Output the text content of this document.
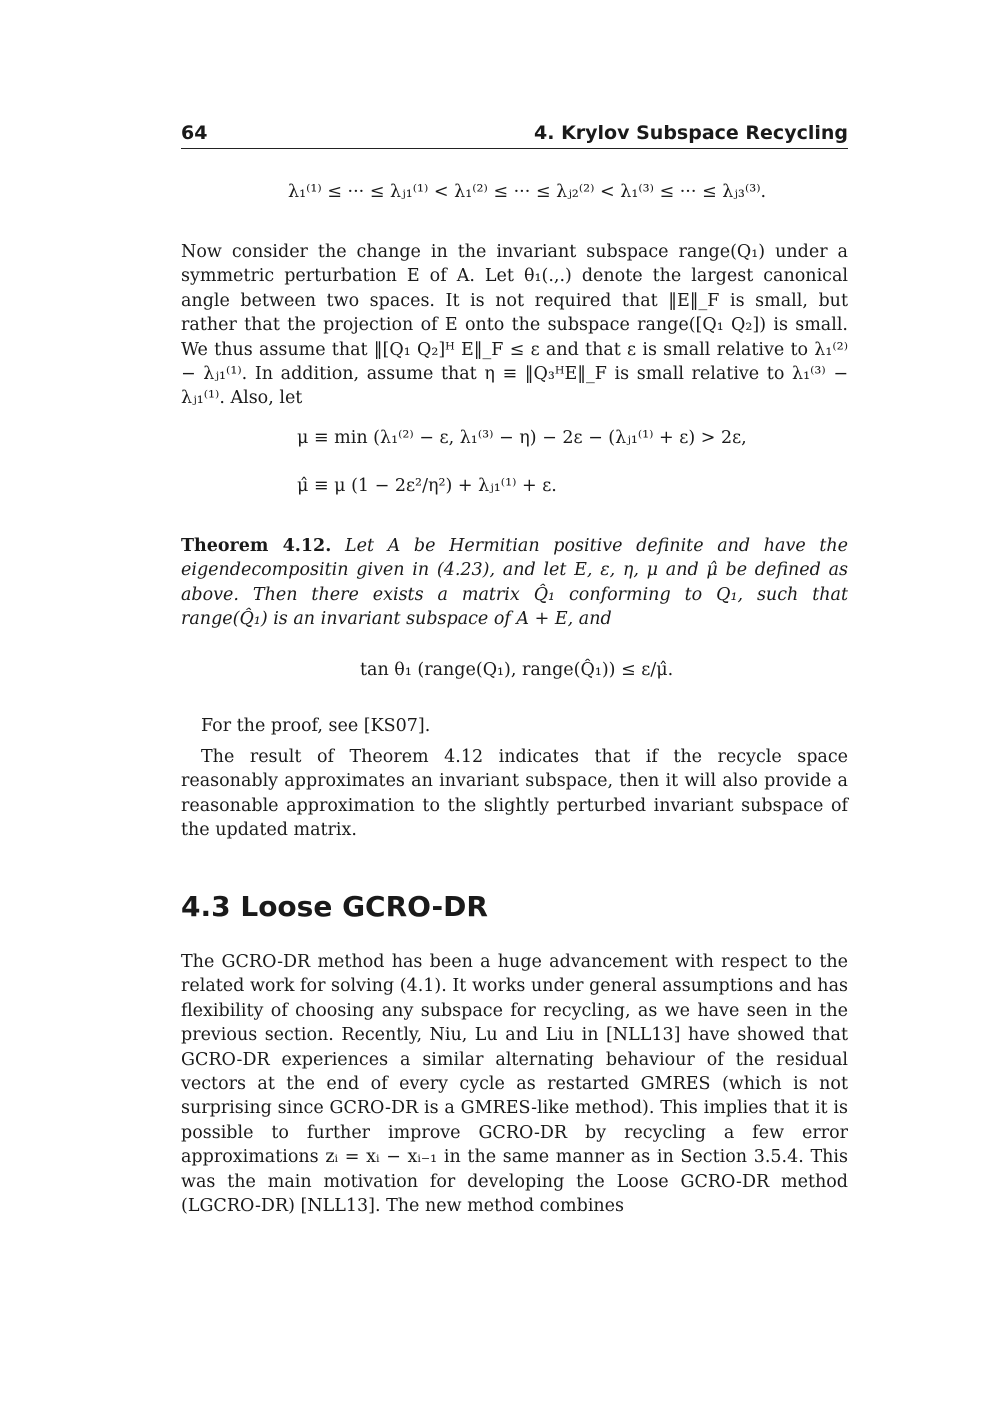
64	4. Krylov Subspace Recycling
λ₁⁽¹⁾ ≤ ··· ≤ λⱼ₁⁽¹⁾ < λ₁⁽²⁾ ≤ ··· ≤ λⱼ₂⁽²⁾ < λ₁⁽³⁾ ≤ ··· ≤ λⱼ₃⁽³⁾.
Now consider the change in the invariant subspace range(Q₁) under a symmetric perturbation E of A. Let θ₁(.,.) denote the largest canonical angle between two spaces. It is not required that ‖E‖_F is small, but rather that the projection of E onto the subspace range([Q₁ Q₂]) is small. We thus assume that ‖[Q₁ Q₂]ᴴ E‖_F ≤ ε and that ε is small relative to λ₁⁽²⁾ − λⱼ₁⁽¹⁾. In addition, assume that η ≡ ‖Q₃ᴴE‖_F is small relative to λ₁⁽³⁾ − λⱼ₁⁽¹⁾. Also, let
μ ≡ min (λ₁⁽²⁾ − ε, λ₁⁽³⁾ − η) − 2ε − (λⱼ₁⁽¹⁾ + ε) > 2ε,
μ̂ ≡ μ (1 − 2ε²/η²) + λⱼ₁⁽¹⁾ + ε.
Theorem 4.12. Let A be Hermitian positive definite and have the eigendecompositin given in (4.23), and let E, ε, η, μ and μ̂ be defined as above. Then there exists a matrix Q̂₁ conforming to Q₁, such that range(Q̂₁) is an invariant subspace of A + E, and
tan θ₁ (range(Q₁), range(Q̂₁)) ≤ ε/μ̂.
For the proof, see [KS07].
The result of Theorem 4.12 indicates that if the recycle space reasonably approximates an invariant subspace, then it will also provide a reasonable approximation to the slightly perturbed invariant subspace of the updated matrix.
4.3 Loose GCRO-DR
The GCRO-DR method has been a huge advancement with respect to the related work for solving (4.1). It works under general assumptions and has flexibility of choosing any subspace for recycling, as we have seen in the previous section. Recently, Niu, Lu and Liu in [NLL13] have showed that GCRO-DR experiences a similar alternating behaviour of the residual vectors at the end of every cycle as restarted GMRES (which is not surprising since GCRO-DR is a GMRES-like method). This implies that it is possible to further improve GCRO-DR by recycling a few error approximations zᵢ = xᵢ − xᵢ₋₁ in the same manner as in Section 3.5.4. This was the main motivation for developing the Loose GCRO-DR method (LGCRO-DR) [NLL13]. The new method combines
